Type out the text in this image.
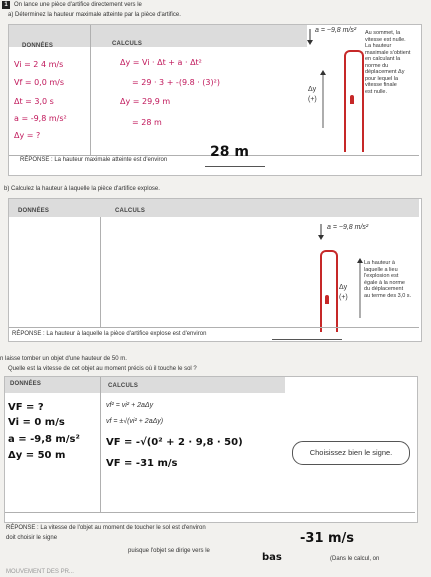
1	On lance une pièce d'artifice directement vers le
a) Déterminez la hauteur maximale atteinte par la pièce d'artifice.
DONNÉES	CALCULS
Vi = 2 4 m/s
Vf = 0,0 m/s
Δt = 3,0 s
a = -9,8 m/s²
Δy = ?
Δy = Vi · Δt + a · Δt²
= 29 · 3 + -(9.8 · (3)²)
Δy = 29,9 m
= 28 m
a = −9,8 m/s²
Δy
(+)
Au sommet, la
vitesse est nulle.
La hauteur
maximale s'obtient
en calculant la
norme du
déplacement Δy
pour lequel la
vitesse finale
est nulle.
RÉPONSE : La hauteur maximale atteinte est d'environ	28 m
b) Calculez la hauteur à laquelle la pièce d'artifice explose.
DONNÉES	CALCULS
a = −9,8 m/s²
Δy
(+)
La hauteur à
laquelle a lieu
l'explosion est
égale à la norme
du déplacement
au terme des 3,0 s.
RÉPONSE : La hauteur à laquelle la pièce d'artifice explose est d'environ
n laisse tomber un objet d'une hauteur de 50 m.
Quelle est la vitesse de cet objet au moment précis où il touche le sol ?
DONNÉES	CALCULS
VF = ?
Vi = 0 m/s
a = -9,8 m/s²
Δy = 50 m
vf² = vi² + 2aΔy
vf = ±√(vi² + 2aΔy)
VF = -√(0² + 2 · 9,8 · 50)
VF = -31 m/s
Choisissez bien le signe.
RÉPONSE : La vitesse de l'objet au moment de toucher le sol est d'environ
-31 m/s
doit choisir le signe
puisque l'objet se dirige vers le
bas	(Dans le calcul, on
MOUVEMENT DES PR...
